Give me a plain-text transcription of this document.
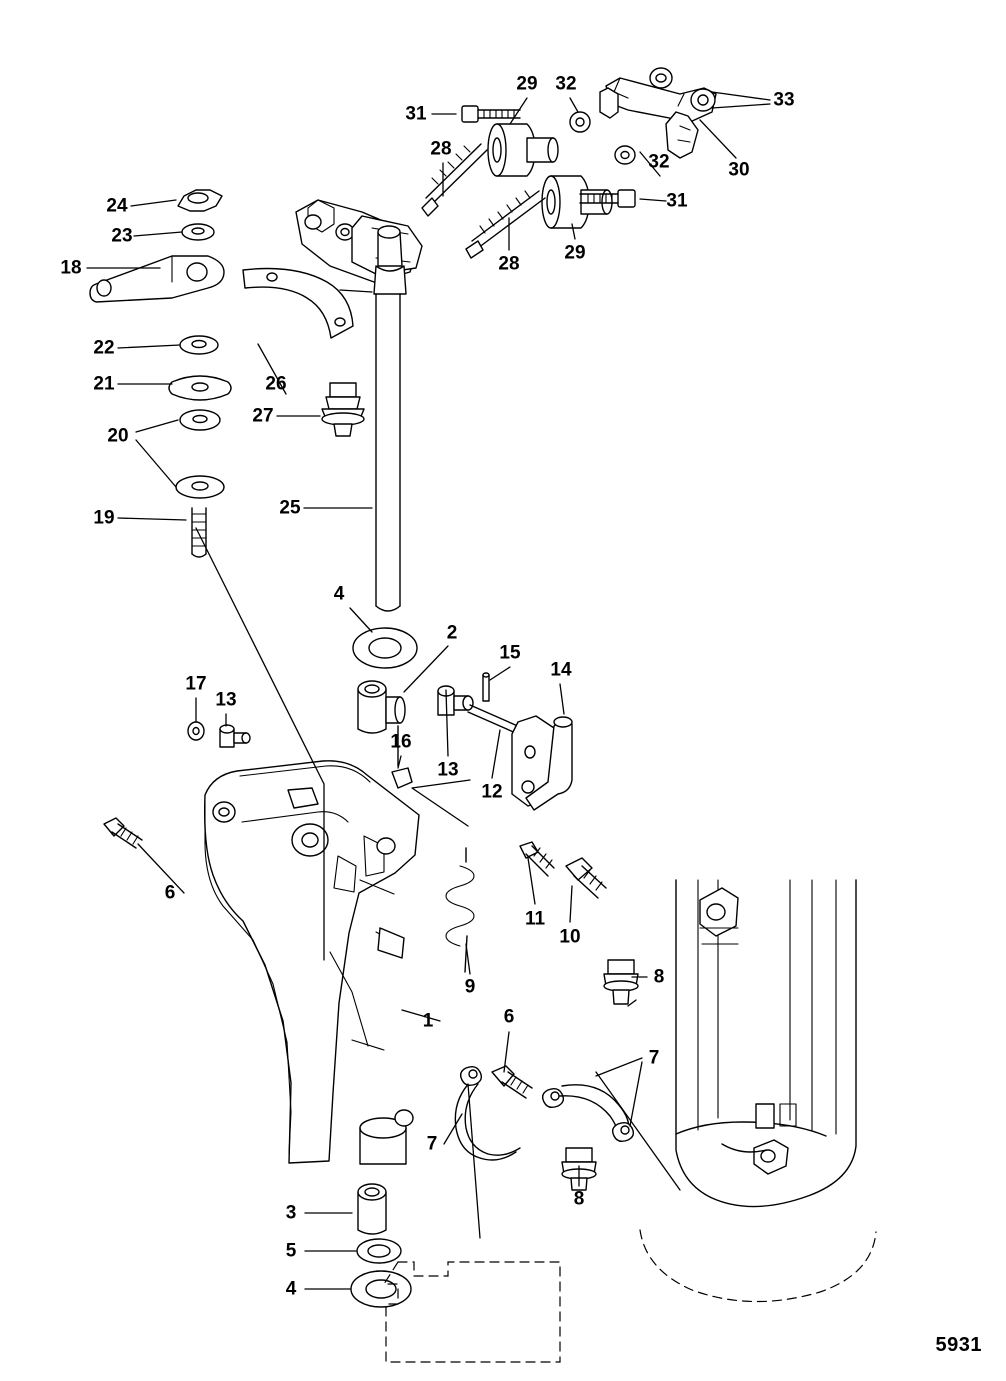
1
2
3
4
4
5
6
6
7
7
8
8
9
10
11
12
13
13
14
15
16
17
18
19
20
21
22
23
24
25
26
27
28
28
29
29
30
31
31
32
32
33
5931
